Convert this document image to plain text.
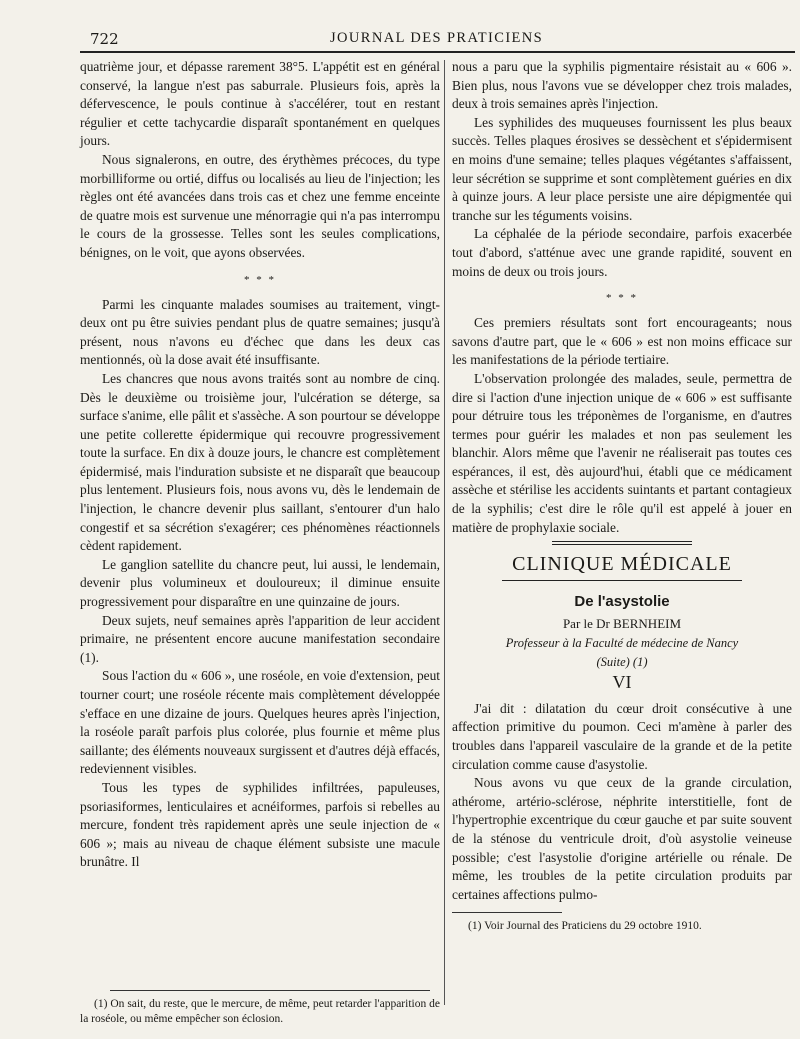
722	JOURNAL DES PRATICIENS

quatrième jour, et dépasse rarement 38°5. L'appétit est en général conservé, la langue n'est pas saburrale. Plusieurs fois, après la défervescence, le pouls continue à s'accélérer, tout en restant régulier et cette tachycardie disparaît spontanément en quelques jours.

Nous signalerons, en outre, des érythèmes précoces, du type morbilliforme ou ortié, diffus ou localisés au lieu de l'injection; les règles ont été avancées dans trois cas et chez une femme enceinte de quatre mois est survenue une ménorragie qui n'a pas interrompu le cours de la grossesse. Telles sont les seules complications, bénignes, on le voit, que ayons observées.

* * *

Parmi les cinquante malades soumises au traitement, vingt-deux ont pu être suivies pendant plus de quatre semaines; jusqu'à présent, nous n'avons eu d'échec que dans les deux cas mentionnés, où la dose avait été insuffisante.

Les chancres que nous avons traités sont au nombre de cinq. Dès le deuxième ou troisième jour, l'ulcération se déterge, sa surface s'anime, elle pâlit et s'assèche. A son pourtour se développe une petite collerette épidermique qui recouvre progressivement toute la surface. En dix à douze jours, le chancre est complètement épidermisé, mais l'induration subsiste et ne disparaît que beaucoup plus lentement. Plusieurs fois, nous avons vu, dès le lendemain de l'injection, le chancre devenir plus saillant, s'entourer d'un halo congestif et sa sécrétion s'exagérer; ces phénomènes réactionnels cèdent rapidement.

Le ganglion satellite du chancre peut, lui aussi, le lendemain, devenir plus volumineux et douloureux; il diminue ensuite progressivement pour disparaître en une quinzaine de jours.

Deux sujets, neuf semaines après l'apparition de leur accident primaire, ne présentent encore aucune manifestation secondaire (1).

Sous l'action du « 606 », une roséole, en voie d'extension, peut tourner court; une roséole récente mais complètement développée s'efface en une dizaine de jours. Quelques heures après l'injection, la roséole paraît parfois plus colorée, plus fournie et même plus saillante; des éléments nouveaux surgissent et d'autres déjà effacés, redeviennent visibles.

Tous les types de syphilides infiltrées, papuleuses, psoriasiformes, lenticulaires et acnéiformes, parfois si rebelles au mercure, fondent très rapidement après une seule injection de « 606 »; mais au niveau de chaque élément subsiste une macule brunâtre. Il

nous a paru que la syphilis pigmentaire résistait au « 606 ». Bien plus, nous l'avons vue se développer chez trois malades, deux à trois semaines après l'injection.

Les syphilides des muqueuses fournissent les plus beaux succès. Telles plaques érosives se dessèchent et s'épidermisent en moins d'une semaine; telles plaques végétantes s'affaissent, leur sécrétion se supprime et sont complètement guéries en dix à quinze jours. A leur place persiste une aire dépigmentée qui tranche sur les téguments voisins.

La céphalée de la période secondaire, parfois exacerbée tout d'abord, s'atténue avec une grande rapidité, souvent en moins de deux ou trois jours.

* * *

Ces premiers résultats sont fort encourageants; nous savons d'autre part, que le « 606 » est non moins efficace sur les manifestations de la période tertiaire.

L'observation prolongée des malades, seule, permettra de dire si l'action d'une injection unique de « 606 » est suffisante pour détruire tous les tréponèmes de l'organisme, en d'autres termes pour guérir les malades et non pas seulement les blanchir. Alors même que l'avenir ne réaliserait pas toutes ces espérances, il est, dès aujourd'hui, établi que ce médicament assèche et stérilise les accidents suintants et partant contagieux de la syphilis; c'est dire le rôle qu'il est appelé à jouer en matière de prophylaxie sociale.

CLINIQUE MÉDICALE
De l'asystolie
Par le Dr BERNHEIM
Professeur à la Faculté de médecine de Nancy
(Suite) (1)
VI

J'ai dit : dilatation du cœur droit consécutive à une affection primitive du poumon. Ceci m'amène à parler des troubles dans l'appareil vasculaire de la grande et de la petite circulation comme cause d'asystolie.

Nous avons vu que ceux de la grande circulation, athérome, artério-sclérose, néphrite interstitielle, font de l'hypertrophie excentrique du cœur gauche et par suite souvent de la sténose du ventricule droit, d'où asystolie veineuse possible; c'est l'asystolie d'origine artérielle ou rénale. De même, les troubles de la petite circulation produits par certaines affections pulmo-

(1) Voir Journal des Praticiens du 29 octobre 1910.

(1) On sait, du reste, que le mercure, de même, peut retarder l'apparition de la roséole, ou même empêcher son éclosion.
